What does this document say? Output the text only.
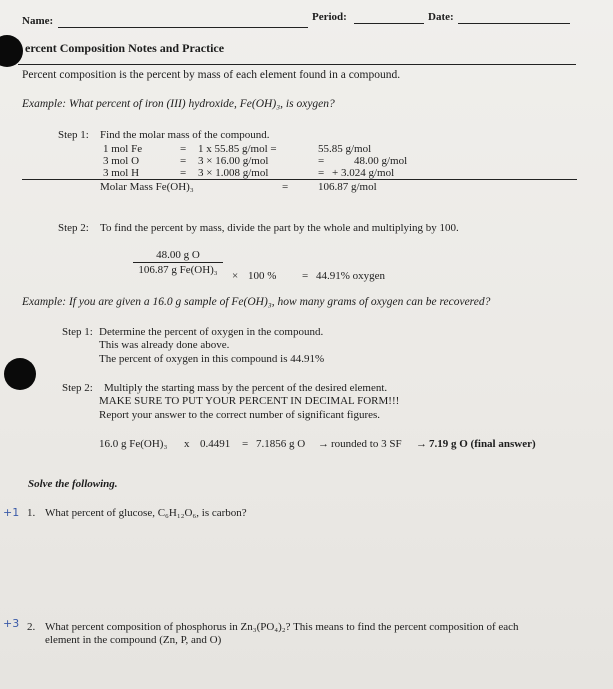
Name:	Period:	Date:
ercent Composition Notes and Practice
Percent composition is the percent by mass of each element found in a compound.
Example: What percent of iron (III) hydroxide, Fe(OH)₃, is oxygen?
Step 1: Find the molar mass of the compound.
1 mol Fe	= 1 x 55.85 g/mol =	55.85 g/mol
3 mol O	= 3 × 16.00 g/mol	=	48.00 g/mol
3 mol H	= 3 × 1.008 g/mol	= + 3.024 g/mol
Molar Mass Fe(OH)₃	=	106.87 g/mol
Step 2: To find the percent by mass, divide the part by the whole and multiplying by 100.
48.00 g O
106.87 g Fe(OH)₃	× 100 % = 44.91% oxygen
Example: If you are given a 16.0 g sample of Fe(OH)₃, how many grams of oxygen can be recovered?
Step 1: Determine the percent of oxygen in the compound.
This was already done above.
The percent of oxygen in this compound is 44.91%
Step 2: Multiply the starting mass by the percent of the desired element.
MAKE SURE TO PUT YOUR PERCENT IN DECIMAL FORM!!!
Report your answer to the correct number of significant figures.
16.0 g Fe(OH)₃ x 0.4491 = 7.1856 g O → rounded to 3 SF → 7.19 g O (final answer)
Solve the following.
+1 1. What percent of glucose, C₆H₁₂O₆, is carbon?
+3 2. What percent composition of phosphorus in Zn₃(PO₄)₂? This means to find the percent composition of each
element in the compound (Zn, P, and O)
